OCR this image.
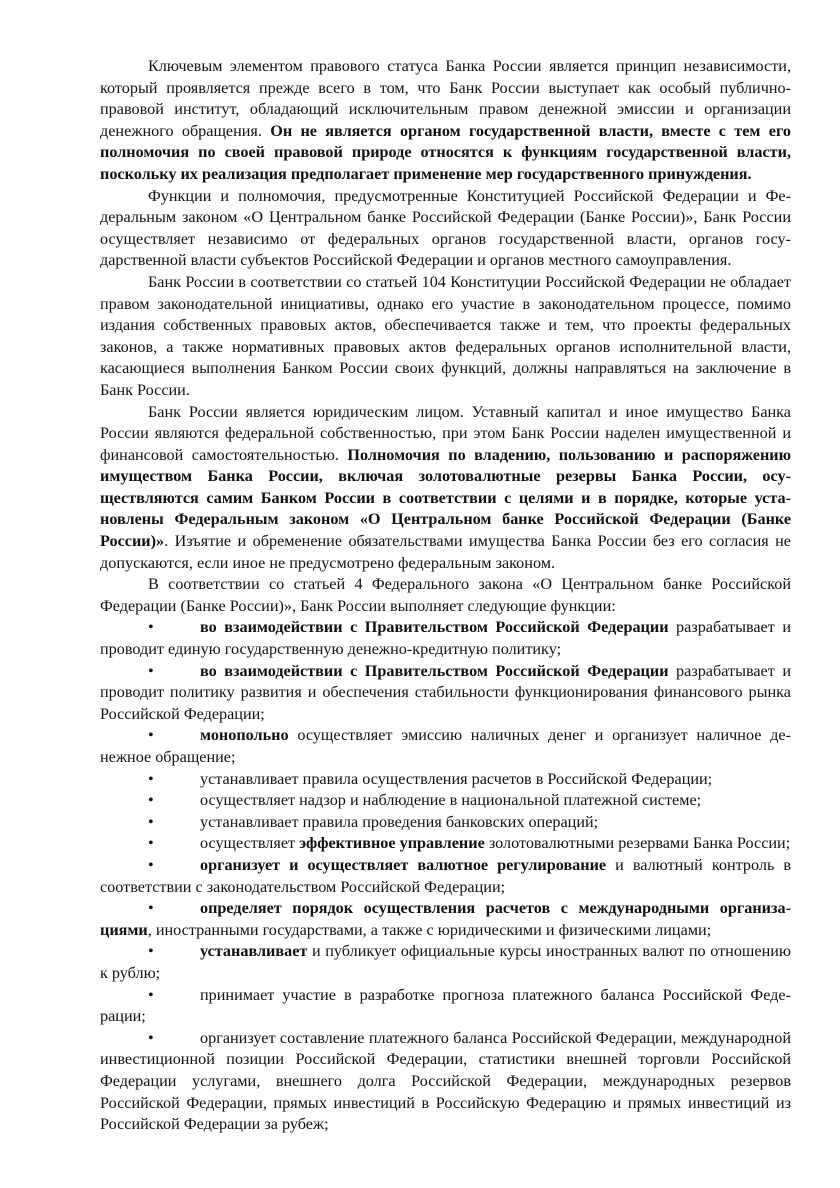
Ключевым элементом правового статуса Банка России является принцип независимости, который проявляется прежде всего в том, что Банк России выступает как особый публично-правовой институт, обладающий исключительным правом денежной эмиссии и организации денежного обращения. Он не является органом государственной власти, вместе с тем его полномочия по своей правовой природе относятся к функциям государственной власти, поскольку их реализация предполагает применение мер государственного принуждения.

Функции и полномочия, предусмотренные Конституцией Российской Федерации и Федеральным законом «О Центральном банке Российской Федерации (Банке России)», Банк России осуществляет независимо от федеральных органов государственной власти, органов государственной власти субъектов Российской Федерации и органов местного самоуправления.

Банк России в соответствии со статьей 104 Конституции Российской Федерации не обладает правом законодательной инициативы, однако его участие в законодательном процессе, помимо издания собственных правовых актов, обеспечивается также и тем, что проекты федеральных законов, а также нормативных правовых актов федеральных органов исполнительной власти, касающиеся выполнения Банком России своих функций, должны направляться на заключение в Банк России.

Банк России является юридическим лицом. Уставный капитал и иное имущество Банка России являются федеральной собственностью, при этом Банк России наделен имущественной и финансовой самостоятельностью. Полномочия по владению, пользованию и распоряжению имуществом Банка России, включая золотовалютные резервы Банка России, осуществляются самим Банком России в соответствии с целями и в порядке, которые установлены Федеральным законом «О Центральном банке Российской Федерации (Банке России)». Изъятие и обременение обязательствами имущества Банка России без его согласия не допускаются, если иное не предусмотрено федеральным законом.

В соответствии со статьей 4 Федерального закона «О Центральном банке Российской Федерации (Банке России)», Банк России выполняет следующие функции:

•	во взаимодействии с Правительством Российской Федерации разрабатывает и проводит единую государственную денежно-кредитную политику;
•	во взаимодействии с Правительством Российской Федерации разрабатывает и проводит политику развития и обеспечения стабильности функционирования финансового рынка Российской Федерации;
•	монопольно осуществляет эмиссию наличных денег и организует наличное денежное обращение;
•	устанавливает правила осуществления расчетов в Российской Федерации;
•	осуществляет надзор и наблюдение в национальной платежной системе;
•	устанавливает правила проведения банковских операций;
•	осуществляет эффективное управление золотовалютными резервами Банка России;
•	организует и осуществляет валютное регулирование и валютный контроль в соответствии с законодательством Российской Федерации;
•	определяет порядок осуществления расчетов с международными организациями, иностранными государствами, а также с юридическими и физическими лицами;
•	устанавливает и публикует официальные курсы иностранных валют по отношению к рублю;
•	принимает участие в разработке прогноза платежного баланса Российской Федерации;
•	организует составление платежного баланса Российской Федерации, международной инвестиционной позиции Российской Федерации, статистики внешней торговли Российской Федерации услугами, внешнего долга Российской Федерации, международных резервов Российской Федерации, прямых инвестиций в Российскую Федерацию и прямых инвестиций из Российской Федерации за рубеж;
